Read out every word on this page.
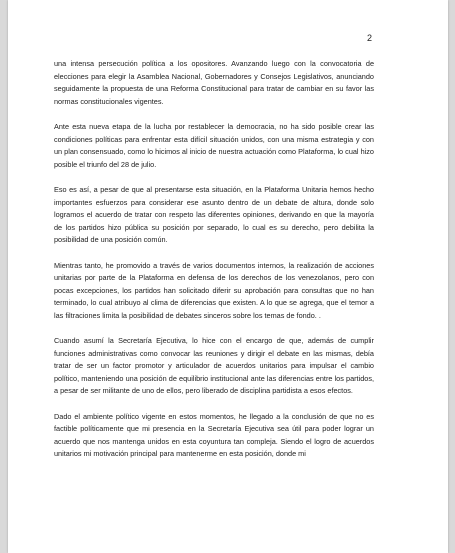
2

una intensa persecución política a los opositores. Avanzando luego con la convocatoria de elecciones para elegir la Asamblea Nacional, Gobernadores y Consejos Legislativos, anunciando seguidamente la propuesta de una Reforma Constitucional para tratar de cambiar en su favor las normas constitucionales vigentes.

Ante esta nueva etapa de la lucha por restablecer la democracia, no ha sido posible crear las condiciones políticas para enfrentar esta difícil situación unidos, con una misma estrategia y con un plan consensuado, como lo hicimos al inicio de nuestra actuación como Plataforma, lo cual hizo posible el triunfo del 28 de julio.

Eso es así, a pesar de que al presentarse esta situación, en la Plataforma Unitaria hemos hecho importantes esfuerzos para considerar ese asunto dentro de un debate de altura, donde solo logramos el acuerdo de tratar con respeto las diferentes opiniones, derivando en que la mayoría de los partidos hizo pública su posición por separado, lo cual es su derecho, pero debilita la posibilidad de una posición común.

Mientras tanto, he promovido a través de varios documentos internos, la realización de acciones unitarias por parte de la Plataforma en defensa de los derechos de los venezolanos, pero con pocas excepciones, los partidos han solicitado diferir su aprobación para consultas que no han terminado, lo cual atribuyo al clima de diferencias que existen. A lo que se agrega, que el temor a las filtraciones limita la posibilidad de debates sinceros sobre los temas de fondo. .

Cuando asumí la Secretaría Ejecutiva, lo hice con el encargo de que, además de cumplir funciones administrativas como convocar las reuniones y dirigir el debate en las mismas, debía tratar de ser un factor promotor y articulador de acuerdos unitarios para impulsar el cambio político, manteniendo una posición de equilibrio institucional ante las diferencias entre los partidos, a pesar de ser militante de uno de ellos, pero liberado de disciplina partidista a esos efectos.

Dado el ambiente político vigente en estos momentos, he llegado a la conclusión de que no es factible políticamente que mi presencia en la Secretaría Ejecutiva sea útil para poder lograr un acuerdo que nos mantenga unidos en esta coyuntura tan compleja. Siendo el logro de acuerdos unitarios mi motivación principal para mantenerme en esta posición, donde mi
